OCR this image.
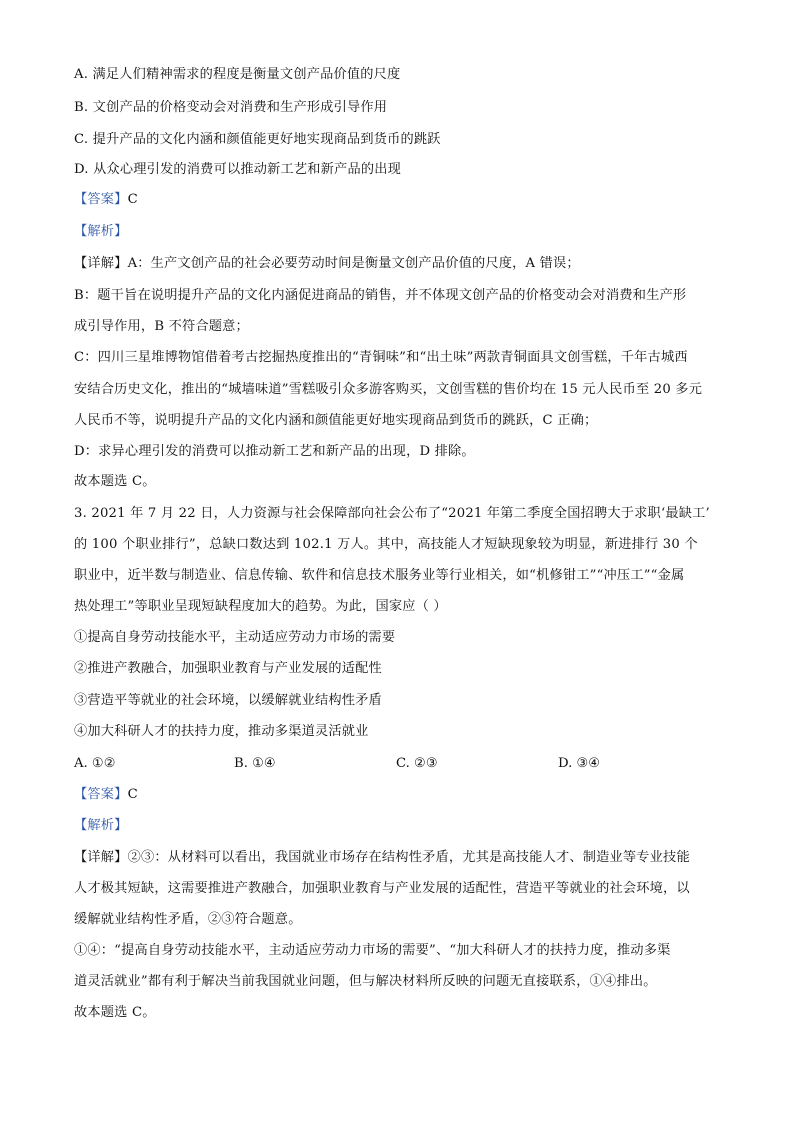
A. 满足人们精神需求的程度是衡量文创产品价值的尺度
B. 文创产品的价格变动会对消费和生产形成引导作用
C. 提升产品的文化内涵和颜值能更好地实现商品到货币的跳跃
D. 从众心理引发的消费可以推动新工艺和新产品的出现
【答案】C
【解析】
【详解】A：生产文创产品的社会必要劳动时间是衡量文创产品价值的尺度，A 错误；
B：题干旨在说明提升产品的文化内涵促进商品的销售，并不体现文创产品的价格变动会对消费和生产形
成引导作用，B 不符合题意；
C：四川三星堆博物馆借着考古挖掘热度推出的“青铜味”和“出土味”两款青铜面具文创雪糕，千年古城西
安结合历史文化，推出的“城墙味道”雪糕吸引众多游客购买，文创雪糕的售价均在 15 元人民币至 20 多元
人民币不等，说明提升产品的文化内涵和颜值能更好地实现商品到货币的跳跃，C 正确；
D：求异心理引发的消费可以推动新工艺和新产品的出现，D 排除。
故本题选 C。
3. 2021 年 7 月 22 日，人力资源与社会保障部向社会公布了“2021 年第二季度全国招聘大于求职‘最缺工’
的 100 个职业排行”，总缺口数达到 102.1 万人。其中，高技能人才短缺现象较为明显，新进排行 30 个
职业中，近半数与制造业、信息传输、软件和信息技术服务业等行业相关，如“机修钳工”“冲压工”“金属
热处理工”等职业呈现短缺程度加大的趋势。为此，国家应（ ）
①提高自身劳动技能水平，主动适应劳动力市场的需要
②推进产教融合，加强职业教育与产业发展的适配性
③营造平等就业的社会环境，以缓解就业结构性矛盾
④加大科研人才的扶持力度，推动多渠道灵活就业
A. ①②	B. ①④	C. ②③	D. ③④
【答案】C
【解析】
【详解】②③：从材料可以看出，我国就业市场存在结构性矛盾，尤其是高技能人才、制造业等专业技能
人才极其短缺，这需要推进产教融合，加强职业教育与产业发展的适配性，营造平等就业的社会环境，以
缓解就业结构性矛盾，②③符合题意。
①④：“提高自身劳动技能水平，主动适应劳动力市场的需要”、“加大科研人才的扶持力度，推动多渠
道灵活就业”都有利于解决当前我国就业问题，但与解决材料所反映的问题无直接联系，①④排出。
故本题选 C。
